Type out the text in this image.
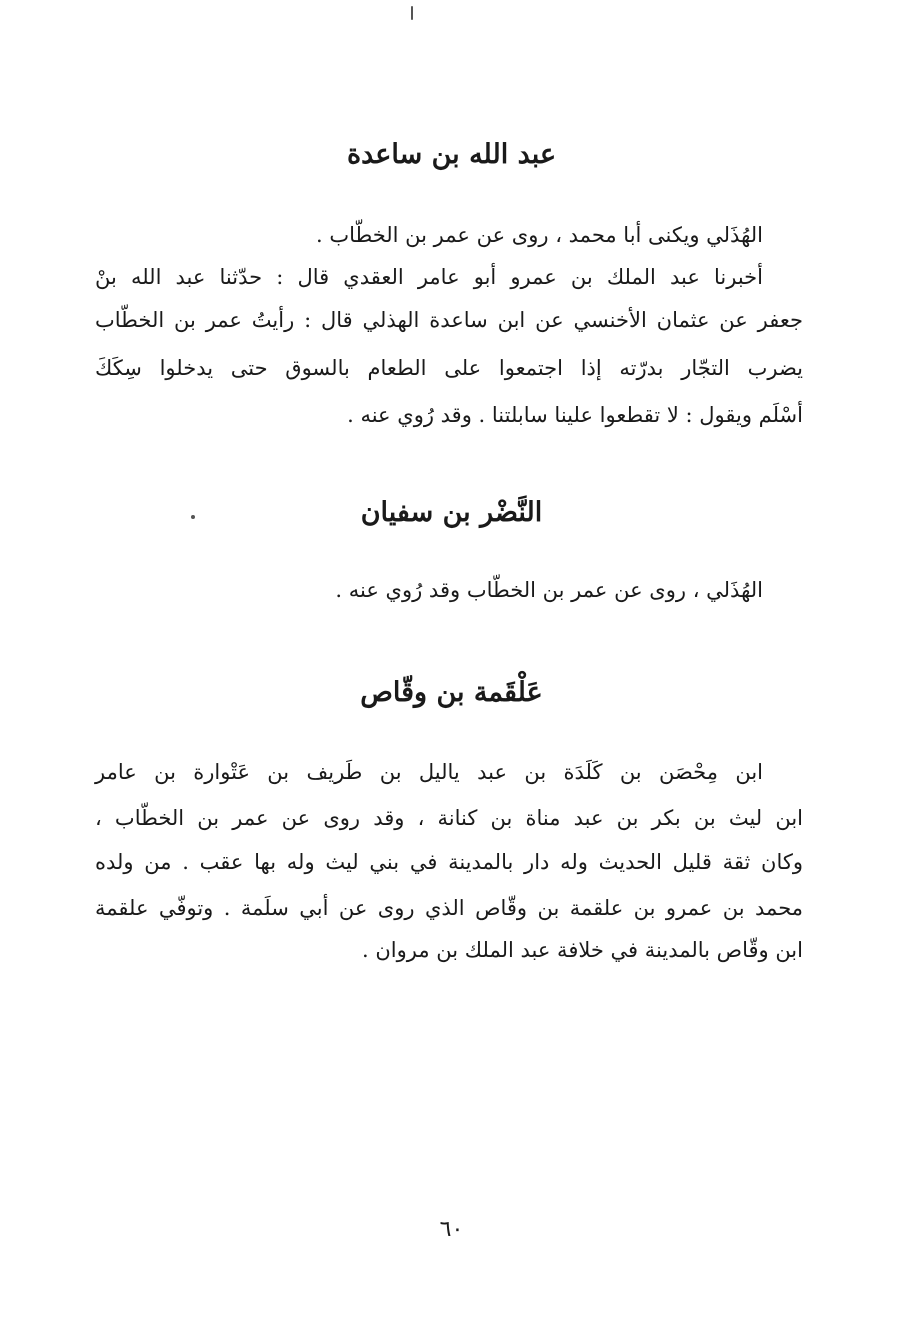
عبد الله بن ساعدة
الهُذَلي ويكنى أبا محمد ، روى عن عمر بن الخطّاب .
أخبرنا عبد الملك بن عمرو أبو عامر العقدي قال : حدّثنا عبد الله بنْ
جعفر عن عثمان الأخنسي عن ابن ساعدة الهذلي قال : رأيتُ عمر بن الخطّاب
يضرب التجّار بدرّته إذا اجتمعوا على الطعام بالسوق حتى يدخلوا سِكَكَ
أسْلَم ويقول : لا تقطعوا علينا سابلتنا . وقد رُوي عنه .
النَّضْر بن سفيان
الهُذَلي ، روى عن عمر بن الخطّاب وقد رُوي عنه .
عَلْقَمة بن وقّاص
ابن مِحْصَن بن كَلَدَة بن عبد ياليل بن طَريف بن عَتْوارة بن عامر
ابن ليث بن بكر بن عبد مناة بن كنانة ، وقد روى عن عمر بن الخطّاب ،
وكان ثقة قليل الحديث وله دار بالمدينة في بني ليث وله بها عقب . من ولده
محمد بن عمرو بن علقمة بن وقّاص الذي روى عن أبي سلَمة . وتوفّي علقمة
ابن وقّاص بالمدينة في خلافة عبد الملك بن مروان .
٦٠
